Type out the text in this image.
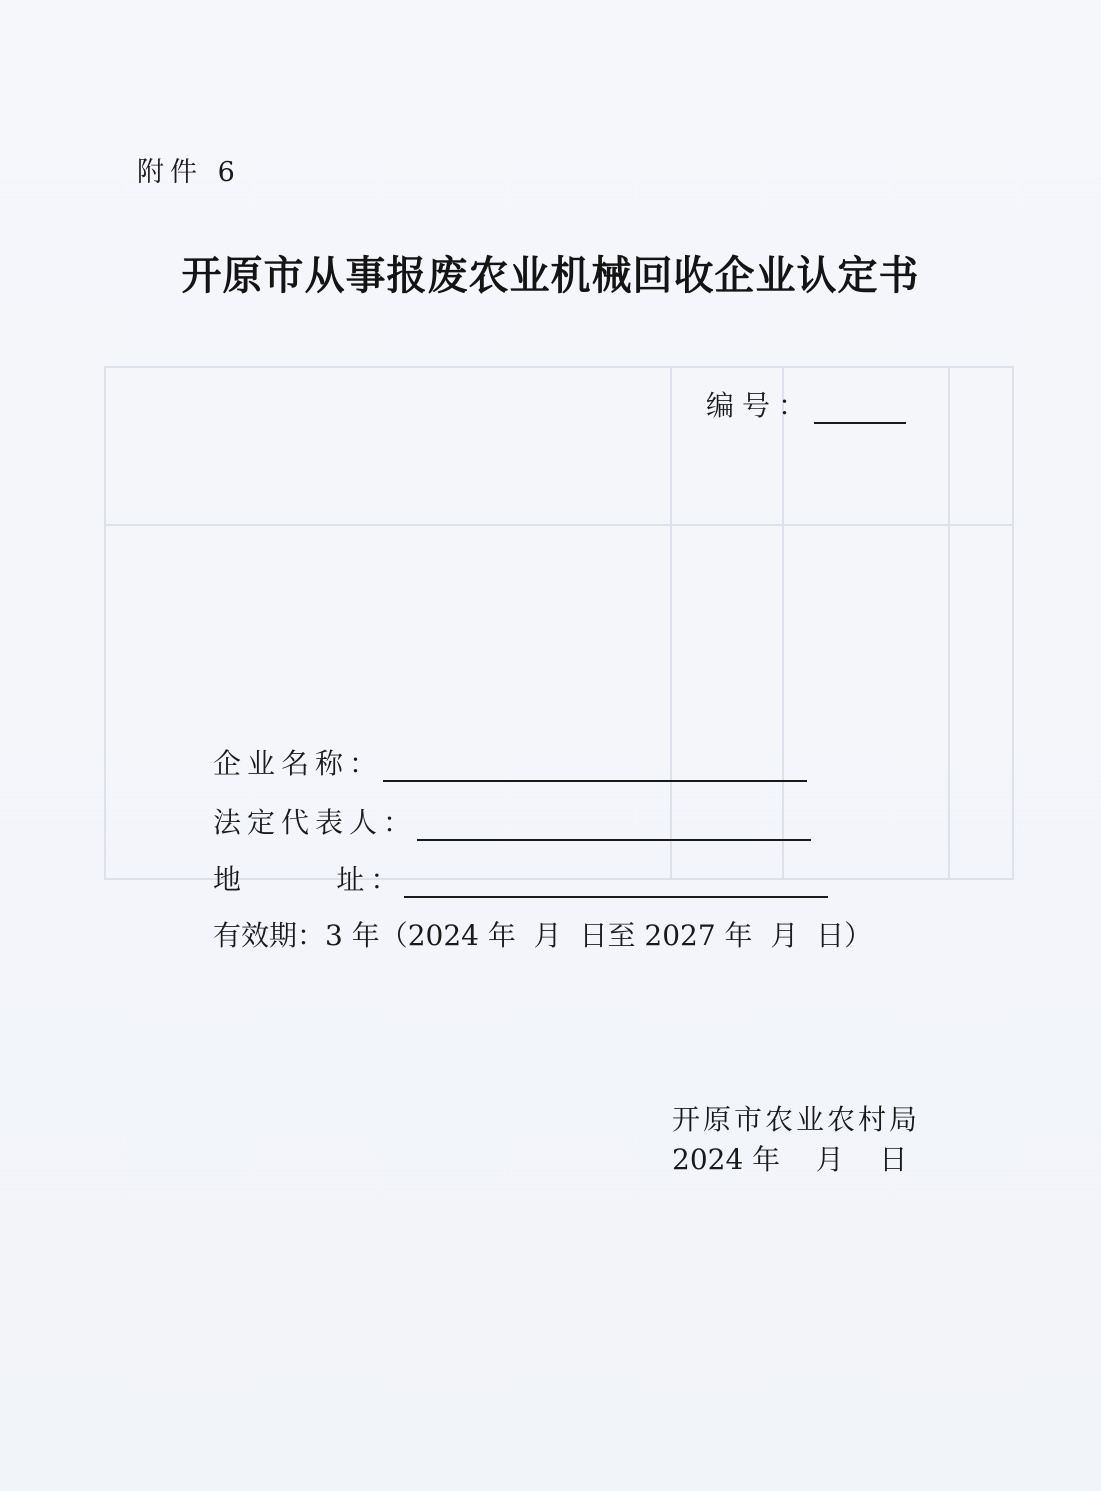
附件 6
开原市从事报废农业机械回收企业认定书
编号：
企业名称：
法定代表人：
地      址：
有效期：3 年（2024 年  月  日至 2027 年  月  日）
开原市农业农村局
2024 年    月    日
